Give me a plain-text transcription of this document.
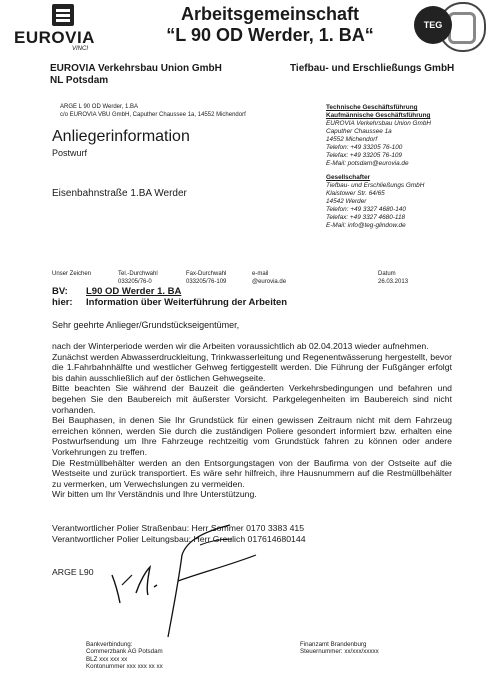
EUROVIA
VINCI
Arbeitsgemeinschaft
“L 90 OD Werder, 1. BA“	TEG
EUROVIA Verkehrsbau Union GmbH
NL Potsdam
Tiefbau- und Erschließungs GmbH
ARGE L 90 OD Werder, 1.BA
c/o EUROVIA VBU GmbH, Caputher Chaussee 1a, 14552 Michendorf
Anliegerinformation
Postwurf
Eisenbahnstraße 1.BA Werder
Technische Geschäftsführung
Kaufmännische Geschäftsführung
EUROVIA Verkehrsbau Union GmbH
Caputher Chaussee 1a
14552 Michendorf
Telefon: +49 33205 76-100
Telefax: +49 33205 76-109
E-Mail: potsdam@eurovia.de
Gesellschafter
Tiefbau- und Erschließungs GmbH
Klaistower Str. 64/65
14542 Werder
Telefon: +49 3327 4680-140
Telefax: +49 3327 4680-118
E-Mail: info@teg-glindow.de
Unser Zeichen	Tel.-Durchwahl
033205/76-0
Fax-Durchwahl
033205/76-109
e-mail
@eurovia.de
Datum
26.03.2013
BV: L90 OD Werder 1. BA
hier: Information über Weiterführung der Arbeiten
Sehr geehrte Anlieger/Grundstückseigentümer,

nach der Winterperiode werden wir die Arbeiten voraussichtlich ab 02.04.2013 wieder aufnehmen.

Zunächst werden Abwasserdruckleitung, Trinkwasserleitung und Regenentwässerung hergestellt, bevor die 1.Fahrbahnhälfte und westlicher Gehweg fertiggestellt werden. Die Führung der Fußgänger erfolgt bis dahin ausschließlich auf der östlichen Gehwegseite.

Bitte beachten Sie während der Bauzeit die geänderten Verkehrsbedingungen und befahren und begehen Sie den Baubereich mit äußerster Vorsicht. Parkgelegenheiten im Baubereich sind nicht vorhanden.

Bei Bauphasen, in denen Sie Ihr Grundstück für einen gewissen Zeitraum nicht mit dem Fahrzeug erreichen können, werden Sie durch die zuständigen Poliere gesondert informiert bzw. erhalten eine Postwurfsendung um Ihre Fahrzeuge rechtzeitig vom Grundstück fahren zu können oder andere Vorkehrungen zu treffen.

Die Restmüllbehälter werden an den Entsorgungstagen von der Baufirma von der Ostseite auf die Westseite und zurück transportiert. Es wäre sehr hilfreich, ihre Hausnummern auf die Restmüllbehälter zu vermerken, um Verwechslungen zu vermeiden.

Wir bitten um Ihr Verständnis und Ihre Unterstützung.

Verantwortlicher Polier Straßenbau: Herr Sommer 0170 3383 415
Verantwortlicher Polier Leitungsbau: Herr Greulich 017614680144
ARGE L90
Bankverbindung:
Commerzbank AG Potsdam
BLZ xxx xxx xx
Kontonummer xxx xxx xx xx
Finanzamt Brandenburg
Steuernummer: xx/xxx/xxxxx
